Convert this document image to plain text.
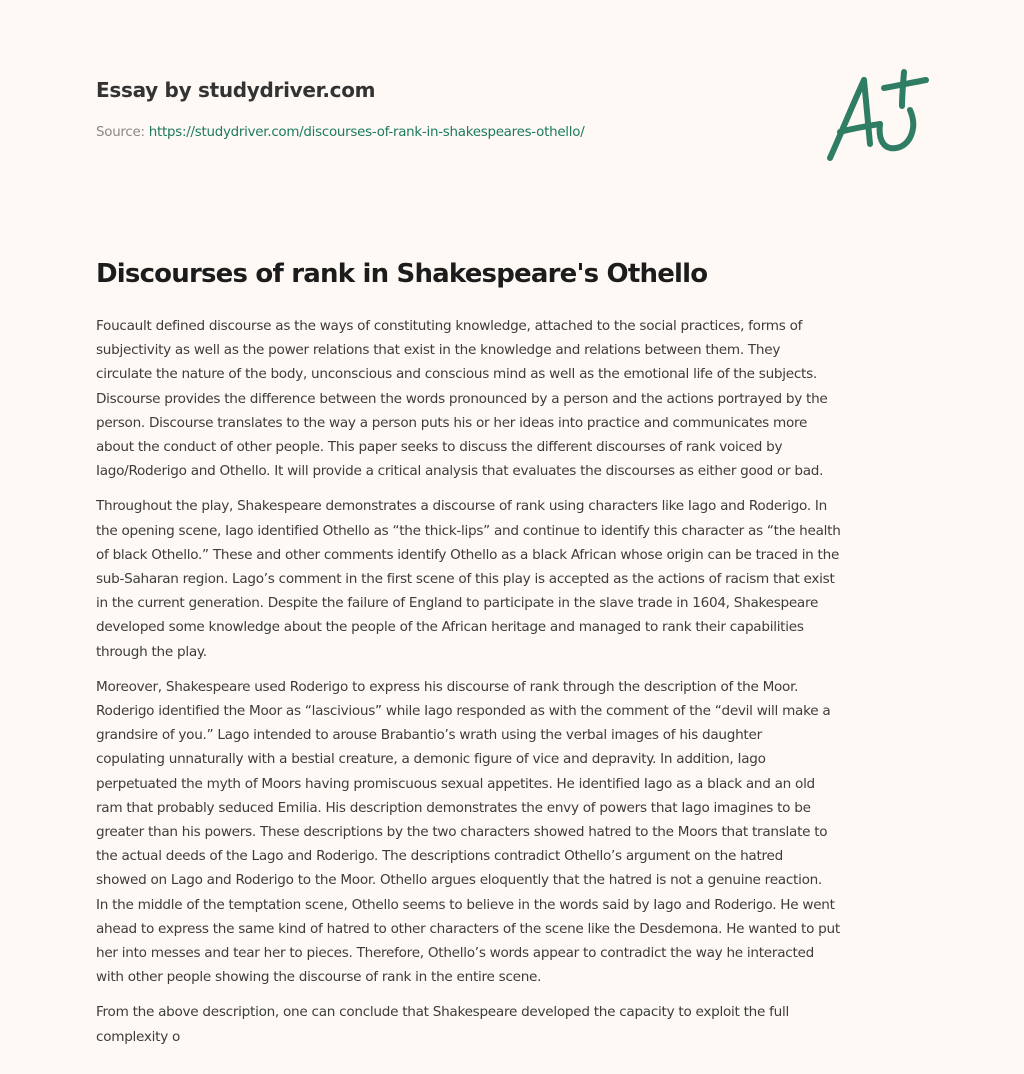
Essay by studydriver.com

Source: https://studydriver.com/discourses-of-rank-in-shakespeares-othello/

Discourses of rank in Shakespeare's Othello

Foucault defined discourse as the ways of constituting knowledge, attached to the social practices, forms of
subjectivity as well as the power relations that exist in the knowledge and relations between them. They
circulate the nature of the body, unconscious and conscious mind as well as the emotional life of the subjects.
Discourse provides the difference between the words pronounced by a person and the actions portrayed by the
person. Discourse translates to the way a person puts his or her ideas into practice and communicates more
about the conduct of other people. This paper seeks to discuss the different discourses of rank voiced by
Iago/Roderigo and Othello. It will provide a critical analysis that evaluates the discourses as either good or bad.

Throughout the play, Shakespeare demonstrates a discourse of rank using characters like Iago and Roderigo. In
the opening scene, Iago identified Othello as “the thick-lips” and continue to identify this character as “the health
of black Othello.” These and other comments identify Othello as a black African whose origin can be traced in the
sub-Saharan region. Lago’s comment in the first scene of this play is accepted as the actions of racism that exist
in the current generation. Despite the failure of England to participate in the slave trade in 1604, Shakespeare
developed some knowledge about the people of the African heritage and managed to rank their capabilities
through the play.

Moreover, Shakespeare used Roderigo to express his discourse of rank through the description of the Moor.
Roderigo identified the Moor as “lascivious” while Iago responded as with the comment of the “devil will make a
grandsire of you.” Lago intended to arouse Brabantio’s wrath using the verbal images of his daughter
copulating unnaturally with a bestial creature, a demonic figure of vice and depravity. In addition, Iago
perpetuated the myth of Moors having promiscuous sexual appetites. He identified Iago as a black and an old
ram that probably seduced Emilia. His description demonstrates the envy of powers that Iago imagines to be
greater than his powers. These descriptions by the two characters showed hatred to the Moors that translate to
the actual deeds of the Lago and Roderigo. The descriptions contradict Othello’s argument on the hatred
showed on Lago and Roderigo to the Moor. Othello argues eloquently that the hatred is not a genuine reaction.
In the middle of the temptation scene, Othello seems to believe in the words said by Iago and Roderigo. He went
ahead to express the same kind of hatred to other characters of the scene like the Desdemona. He wanted to put
her into messes and tear her to pieces. Therefore, Othello’s words appear to contradict the way he interacted
with other people showing the discourse of rank in the entire scene.

From the above description, one can conclude that Shakespeare developed the capacity to exploit the full
complexity o
